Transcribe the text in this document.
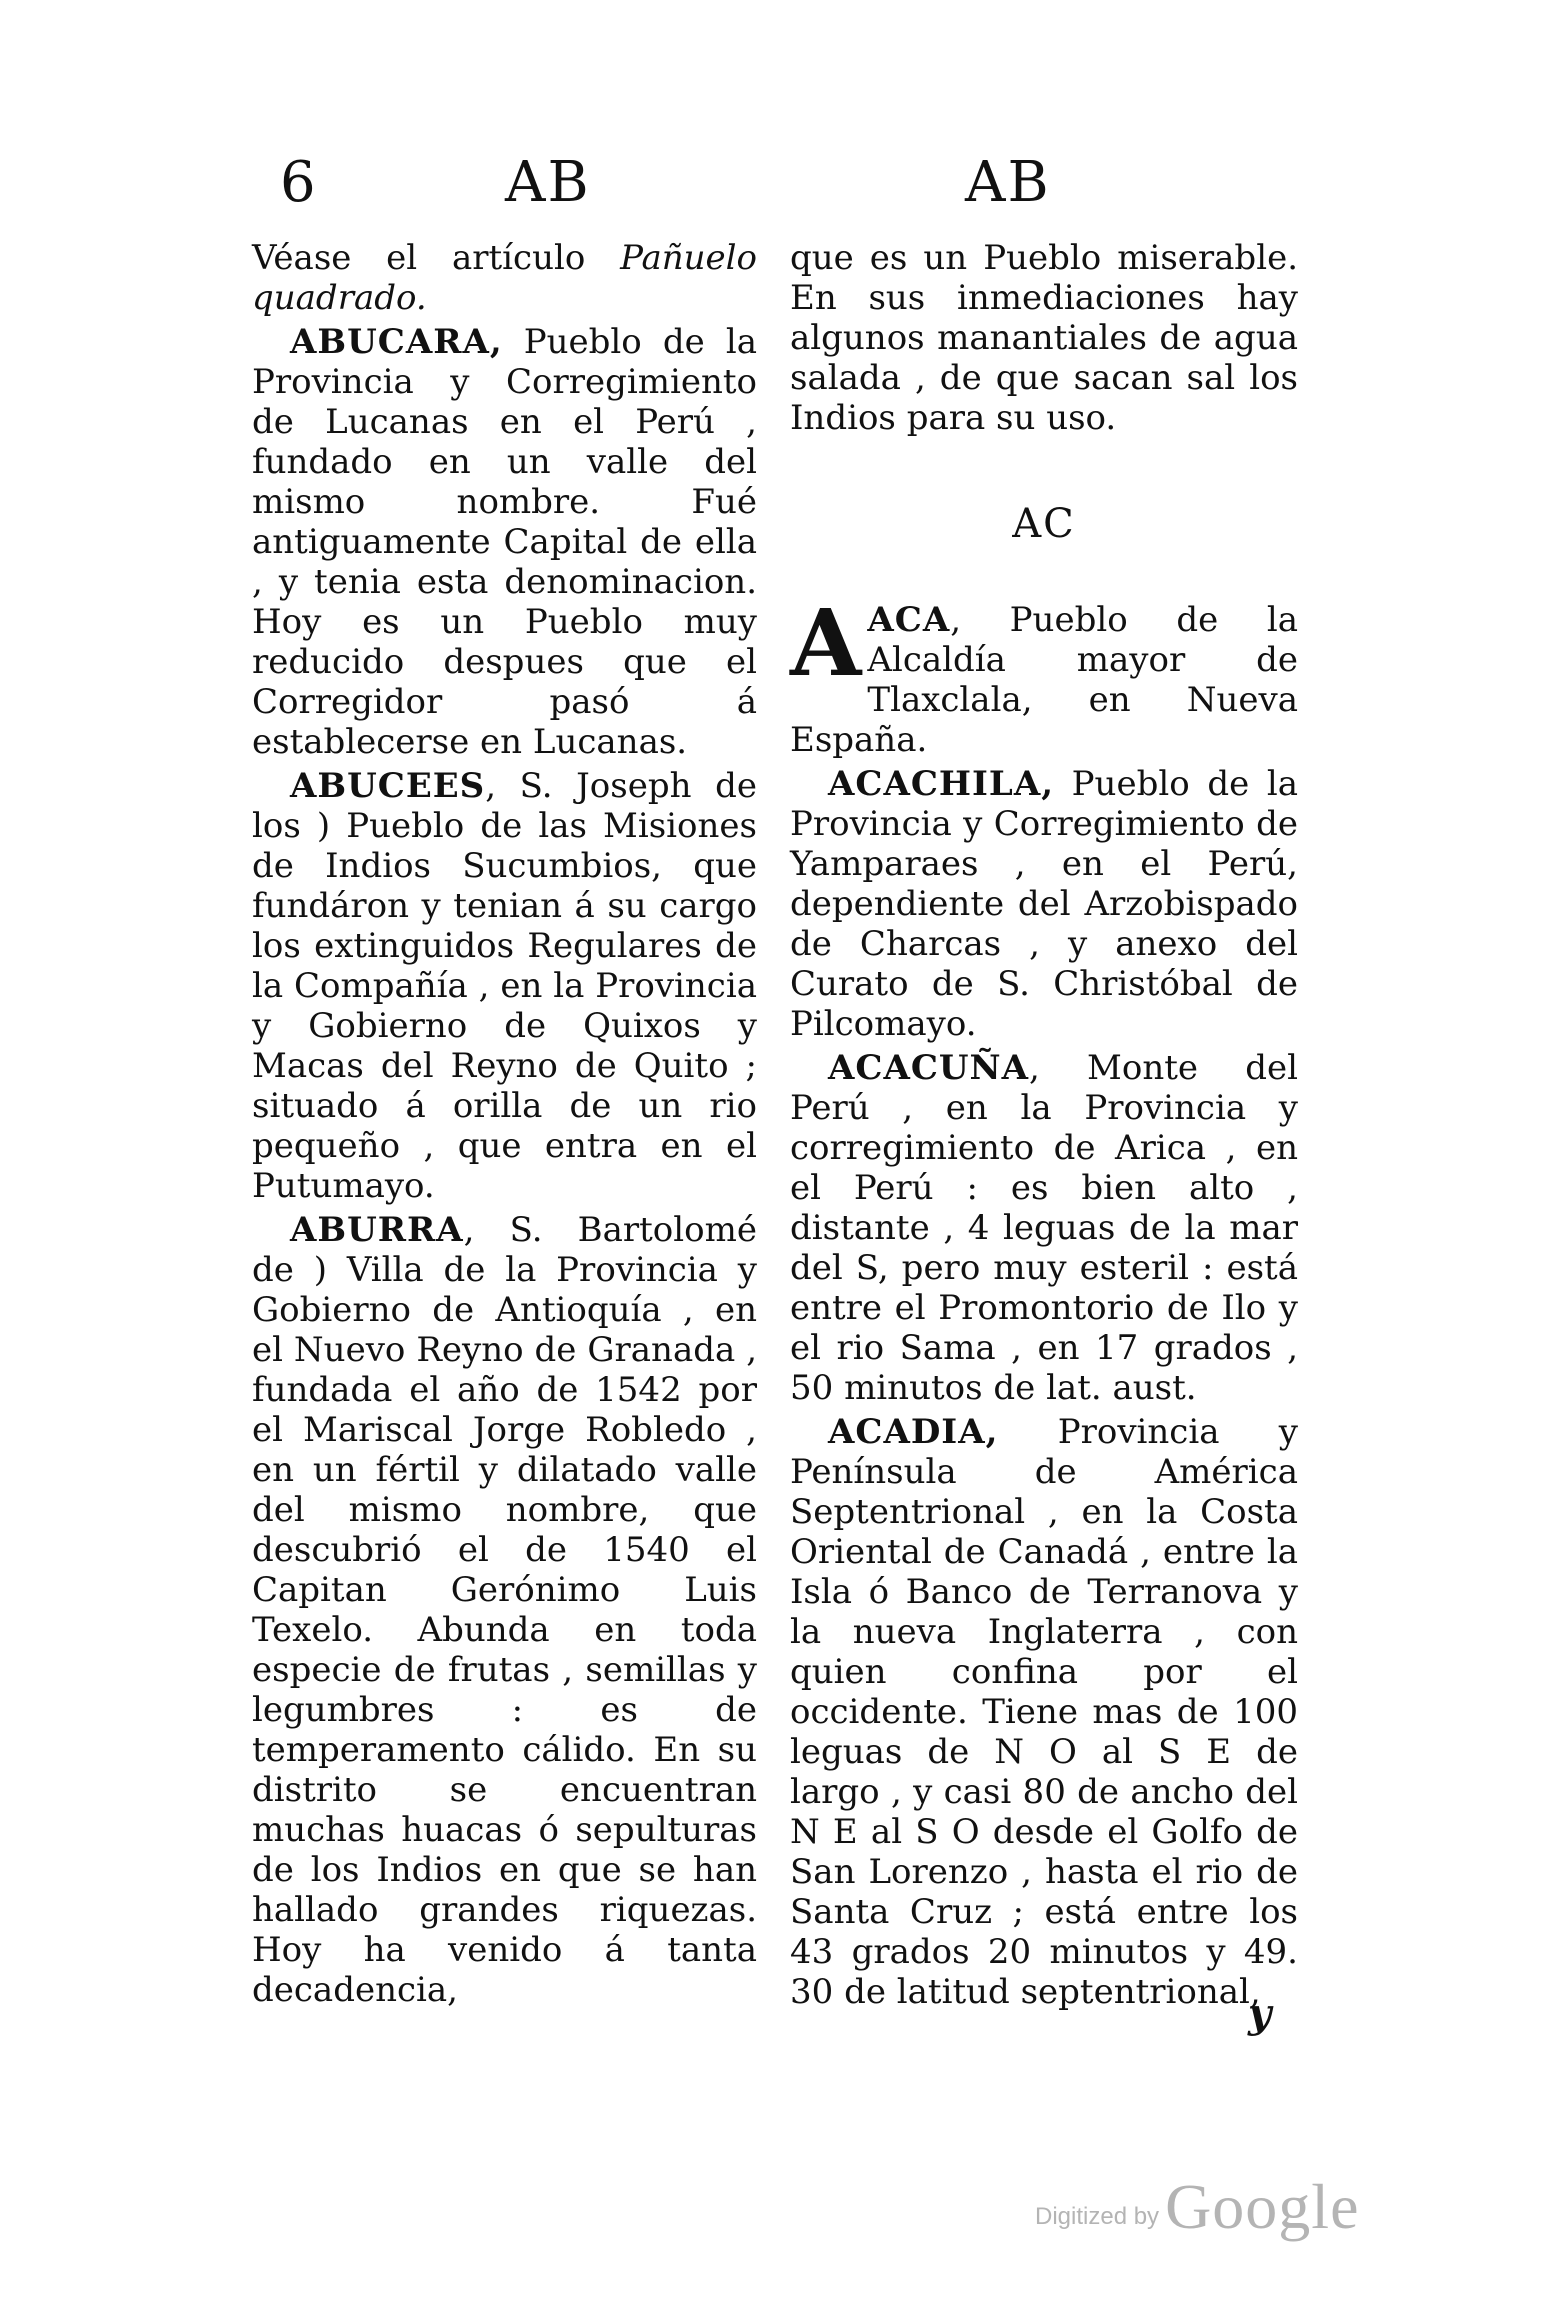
6	AB	AB

Véase el artículo Pañuelo quadrado.

ABUCARA, Pueblo de la Provincia y Corregimiento de Lucanas en el Perú , fundado en un valle del mismo nombre. Fué antiguamente Capital de ella , y tenia esta denominacion. Hoy es un Pueblo muy reducido despues que el Corregidor pasó á establecerse en Lucanas.

ABUCEES, S. Joseph de los ) Pueblo de las Misiones de Indios Sucumbios, que fundáron y tenian á su cargo los extinguidos Regulares de la Compañía , en la Provincia y Gobierno de Quixos y Macas del Reyno de Quito ; situado á orilla de un rio pequeño , que entra en el Putumayo.

ABURRA, S. Bartolomé de ) Villa de la Provincia y Gobierno de Antioquía , en el Nuevo Reyno de Granada , fundada el año de 1542 por el Mariscal Jorge Robledo , en un fértil y dilatado valle del mismo nombre, que descubrió el de 1540 el Capitan Gerónimo Luis Texelo. Abunda en toda especie de frutas , semillas y legumbres : es de temperamento cálido. En su distrito se encuentran muchas huacas ó sepulturas de los Indios en que se han hallado grandes riquezas. Hoy ha venido á tanta decadencia,

que es un Pueblo miserable. En sus inmediaciones hay algunos manantiales de agua salada , de que sacan sal los Indios para su uso.

AC

AACA, Pueblo de la Alcaldía mayor de Tlaxclala, en Nueva España.

ACACHILA, Pueblo de la Provincia y Corregimiento de Yamparaes , en el Perú, dependiente del Arzobispado de Charcas , y anexo del Curato de S. Christóbal de Pilcomayo.

ACACUÑA, Monte del Perú , en la Provincia y corregimiento de Arica , en el Perú : es bien alto , distante , 4 leguas de la mar del S, pero muy esteril : está entre el Promontorio de Ilo y el rio Sama , en 17 grados , 50 minutos de lat. aust.

ACADIA, Provincia y Península de América Septentrional , en la Costa Oriental de Canadá , entre la Isla ó Banco de Terranova y la nueva Inglaterra , con quien confina por el occidente. Tiene mas de 100 leguas de N O al S E de largo , y casi 80 de ancho del N E al S O desde el Golfo de San Lorenzo , hasta el rio de Santa Cruz ; está entre los 43 grados 20 minutos y 49. 30 de latitud septentrional,

y
Digitized byGoogle
